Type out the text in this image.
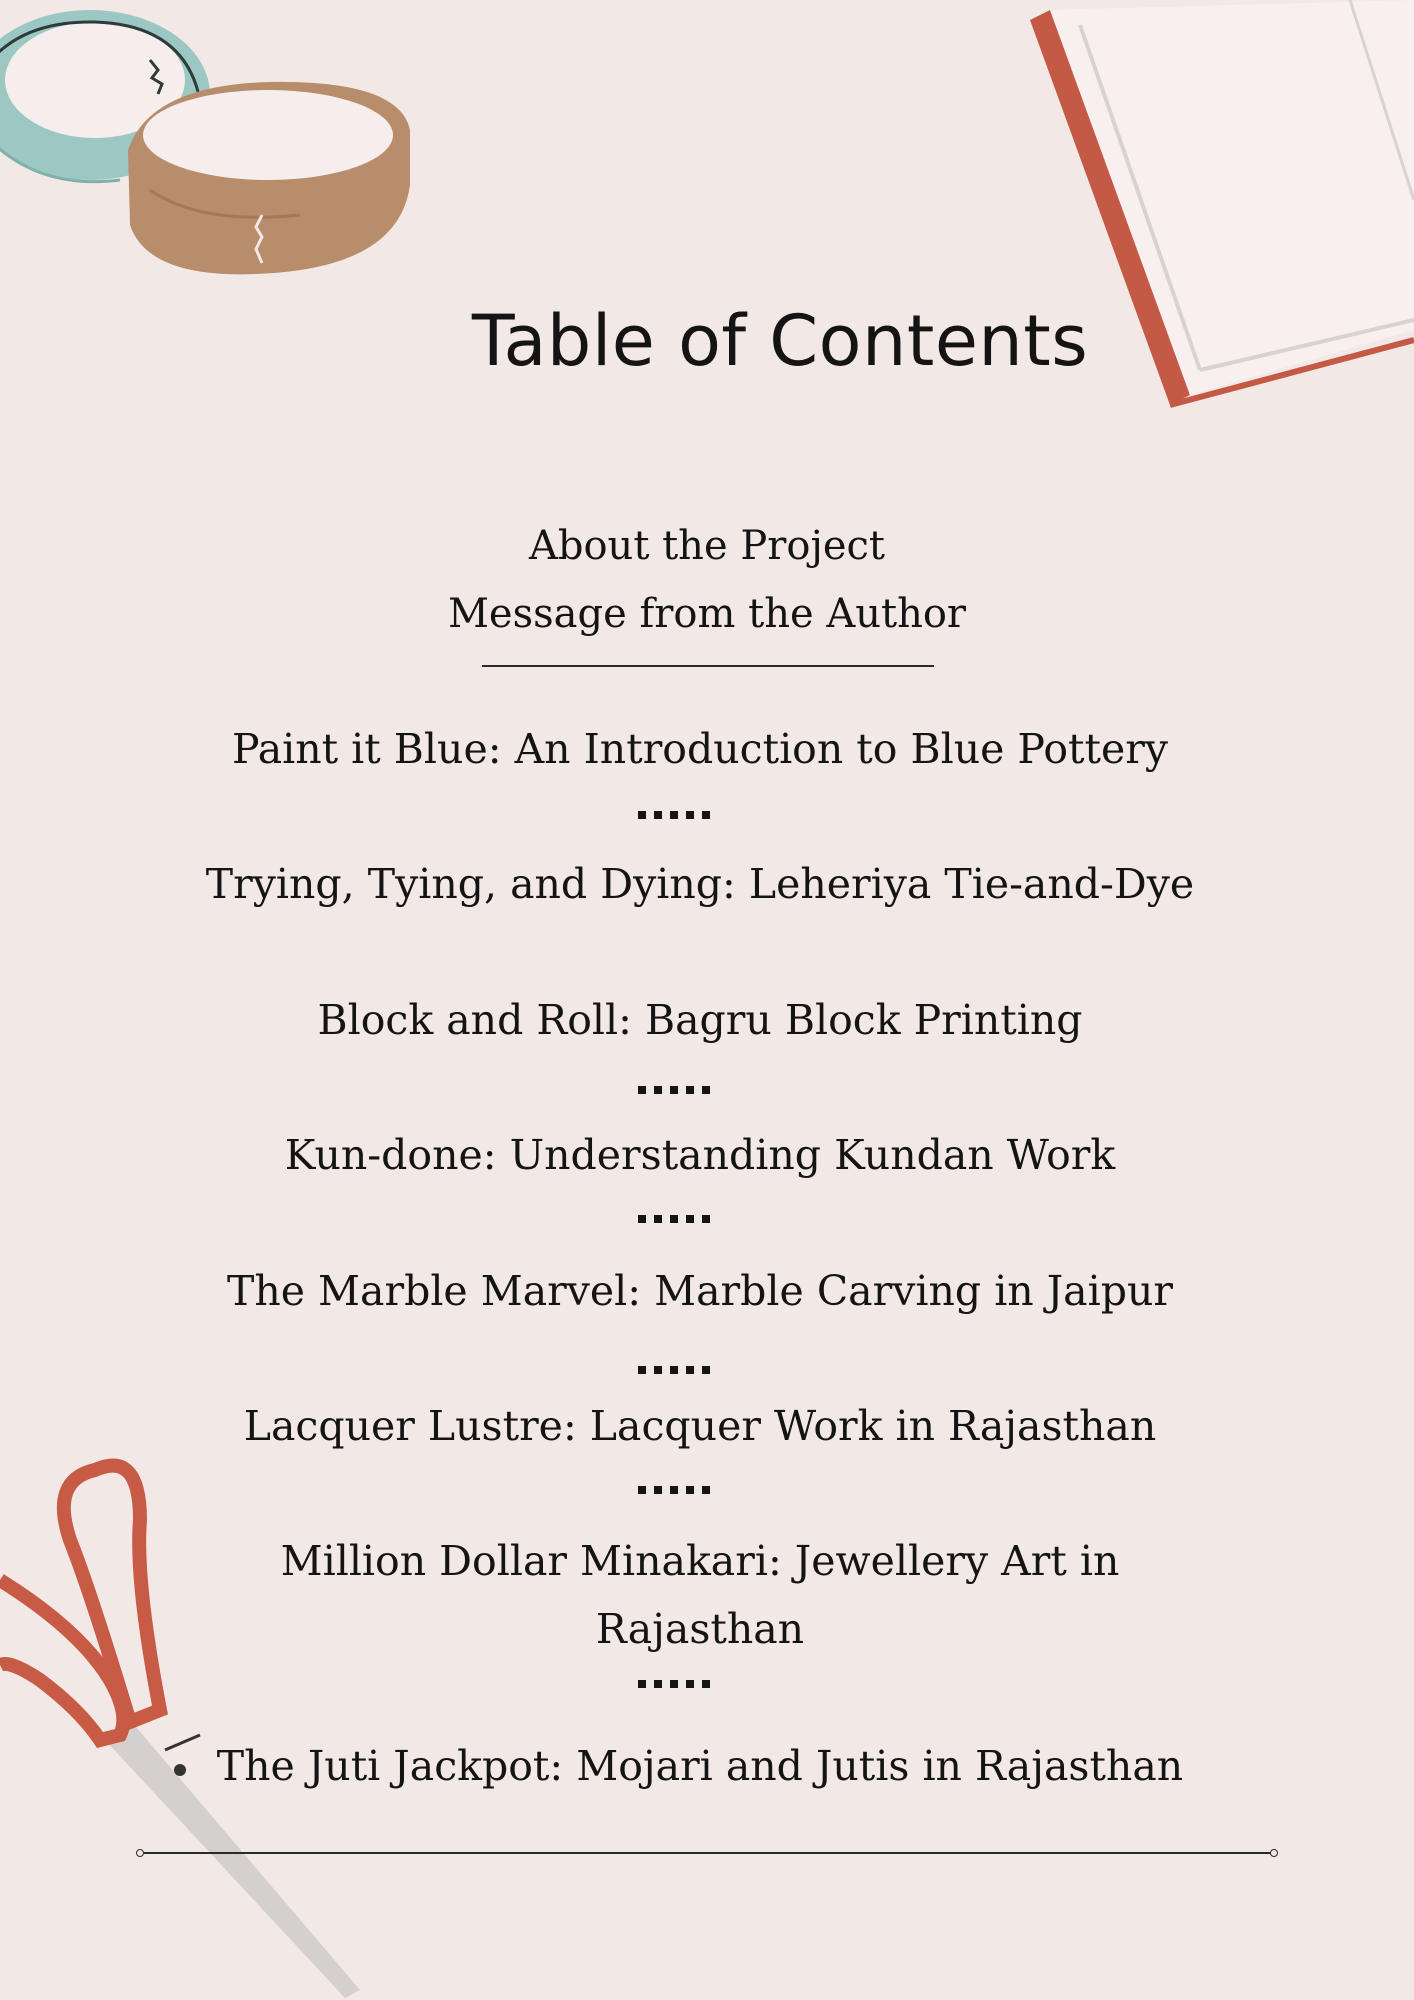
Table of Contents
About the Project
Message from the Author
Paint it Blue: An Introduction to Blue Pottery
Trying, Tying, and Dying: Leheriya Tie-and-Dye
Block and Roll: Bagru Block Printing
Kun-done: Understanding Kundan Work
The Marble Marvel: Marble Carving in Jaipur
Lacquer Lustre: Lacquer Work in Rajasthan
Million Dollar Minakari: Jewellery Art in
Rajasthan
The Juti Jackpot: Mojari and Jutis in Rajasthan
